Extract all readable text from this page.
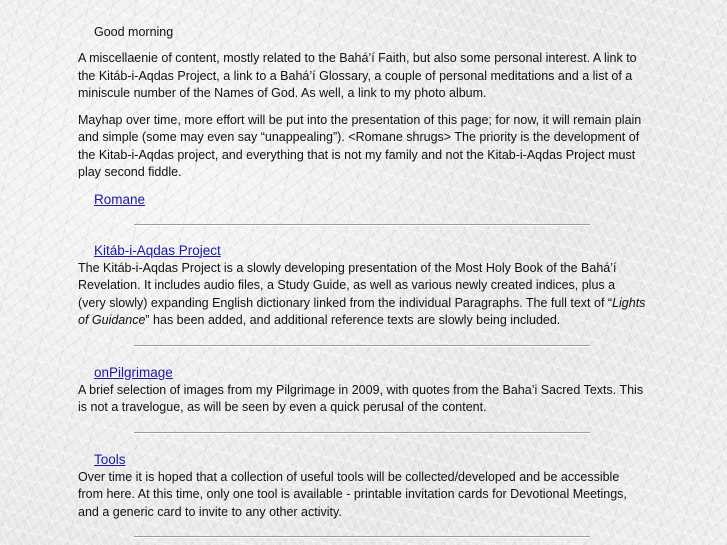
Good morning

A miscellaenie of content, mostly related to the Bahá’í Faith, but also some personal interest. A link to the Kitáb-i-Aqdas Project, a link to a Bahá’í Glossary, a couple of personal meditations and a list of a miniscule number of the Names of God. As well, a link to my photo album.

Mayhap over time, more effort will be put into the presentation of this page; for now, it will remain plain and simple (some may even say “unappealing”). <Romane shrugs> The priority is the development of the Kitab-i-Aqdas project, and everything that is not my family and not the Kitab-i-Aqdas Project must play second fiddle.

Romane

Kitáb-i-Aqdas Project

The Kitáb-i-Aqdas Project is a slowly developing presentation of the Most Holy Book of the Bahá’í Revelation. It includes audio files, a Study Guide, as well as various newly created indices, plus a (very slowly) expanding English dictionary linked from the individual Paragraphs. The full text of “Lights of Guidance” has been added, and additional reference texts are slowly being included.

onPilgrimage

A brief selection of images from my Pilgrimage in 2009, with quotes from the Baha’i Sacred Texts. This is not a travelogue, as will be seen by even a quick perusal of the content.

Tools

Over time it is hoped that a collection of useful tools will be collected/developed and be accessible from here. At this time, only one tool is available - printable invitation cards for Devotional Meetings, and a generic card to invite to any other activity.
